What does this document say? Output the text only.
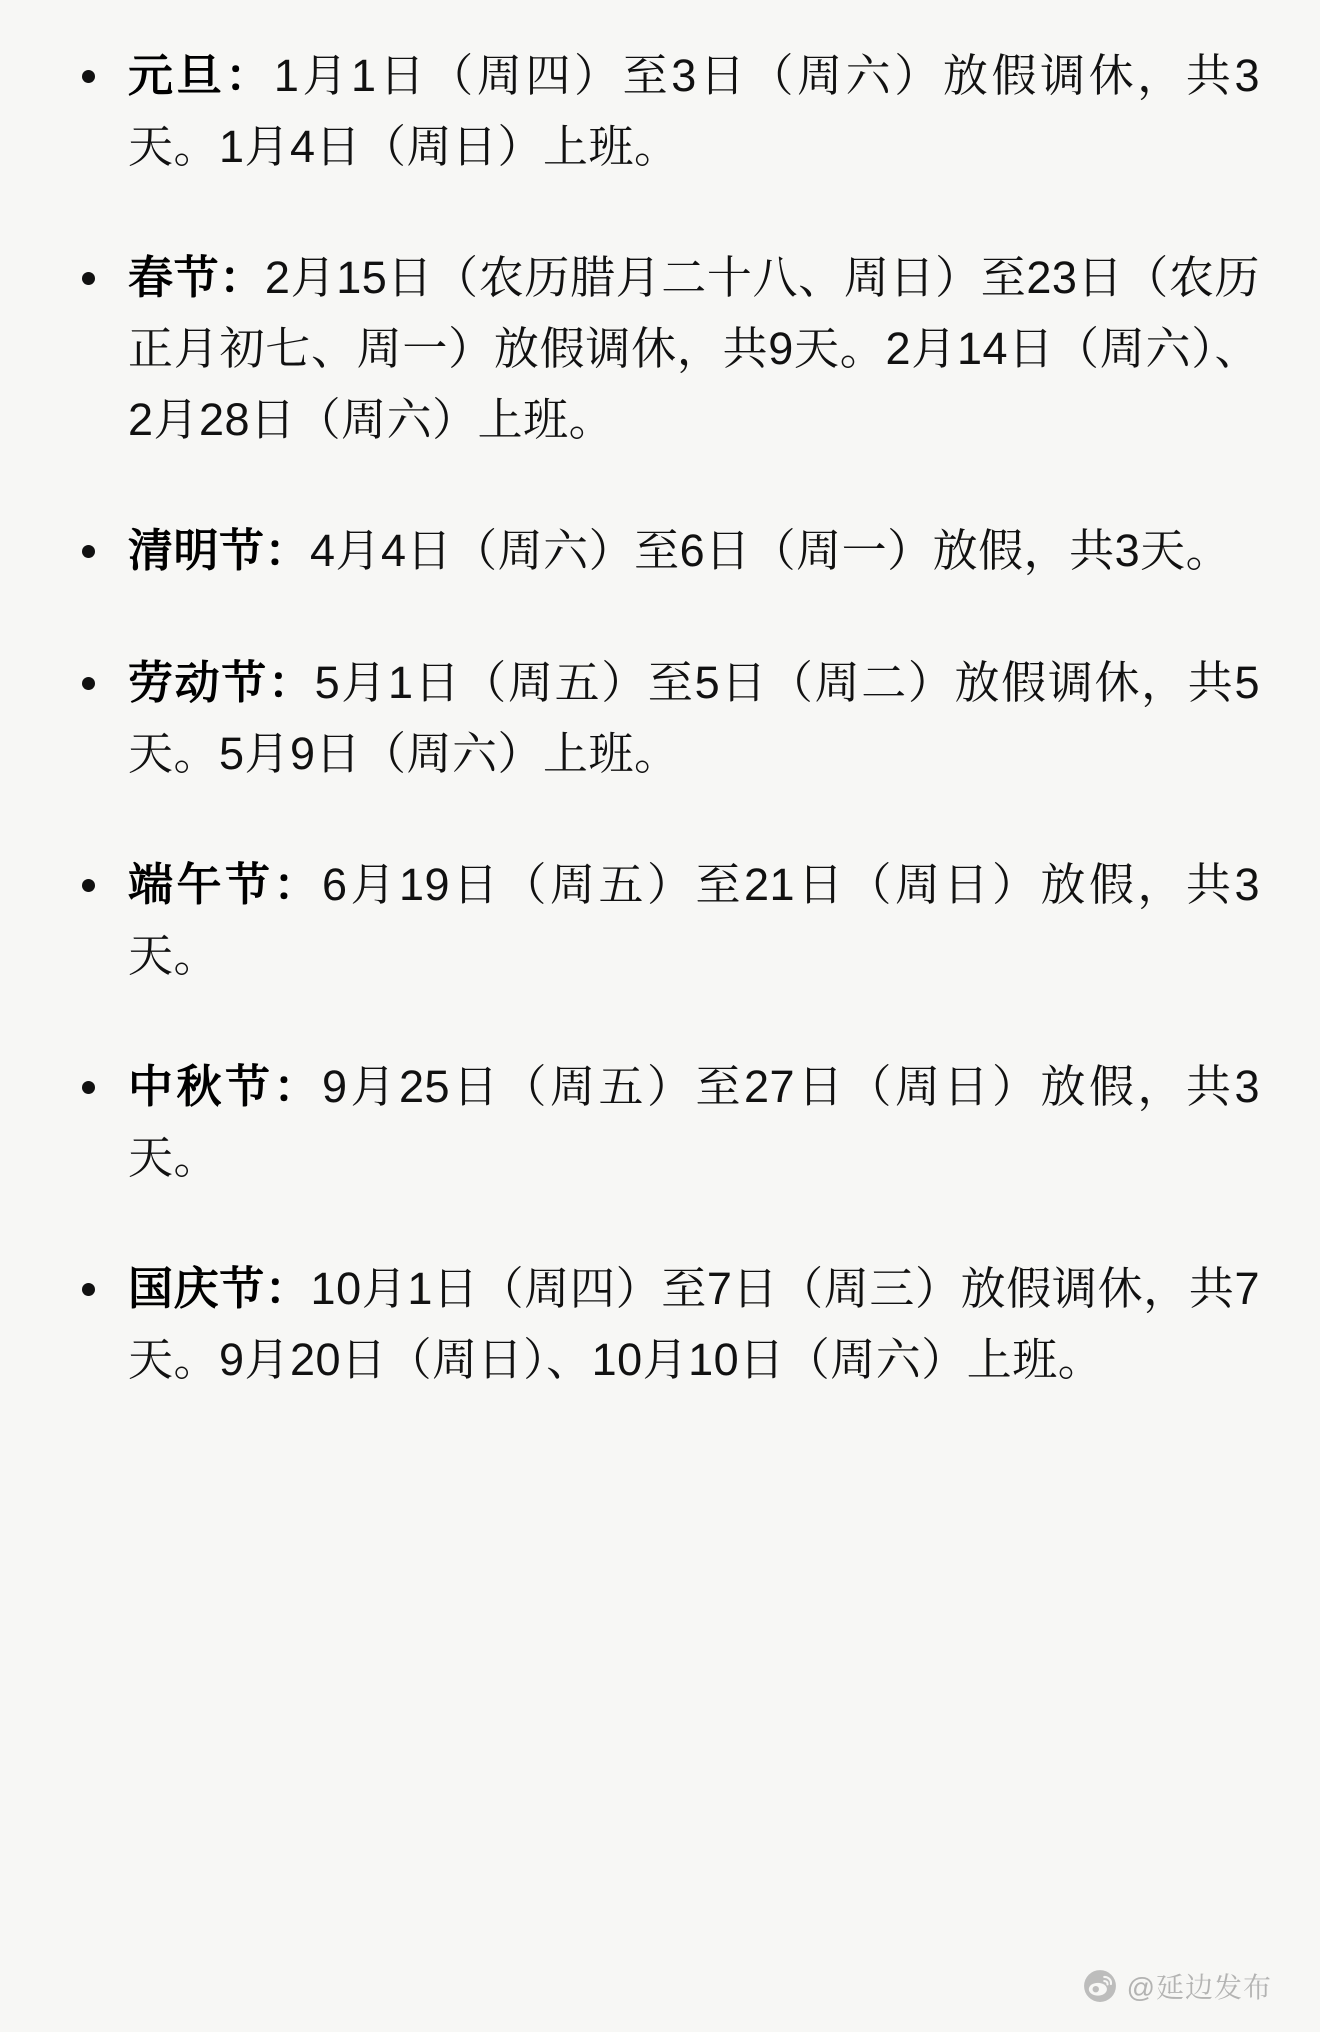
元旦：1月1日（周四）至3日（周六）放假调休，共3天。1月4日（周日）上班。
春节：2月15日（农历腊月二十八、周日）至23日（农历正月初七、周一）放假调休，共9天。2月14日（周六）、2月28日（周六）上班。
清明节：4月4日（周六）至6日（周一）放假，共3天。
劳动节：5月1日（周五）至5日（周二）放假调休，共5天。5月9日（周六）上班。
端午节：6月19日（周五）至21日（周日）放假，共3天。
中秋节：9月25日（周五）至27日（周日）放假，共3天。
国庆节：10月1日（周四）至7日（周三）放假调休，共7天。9月20日（周日）、10月10日（周六）上班。
@延边发布
